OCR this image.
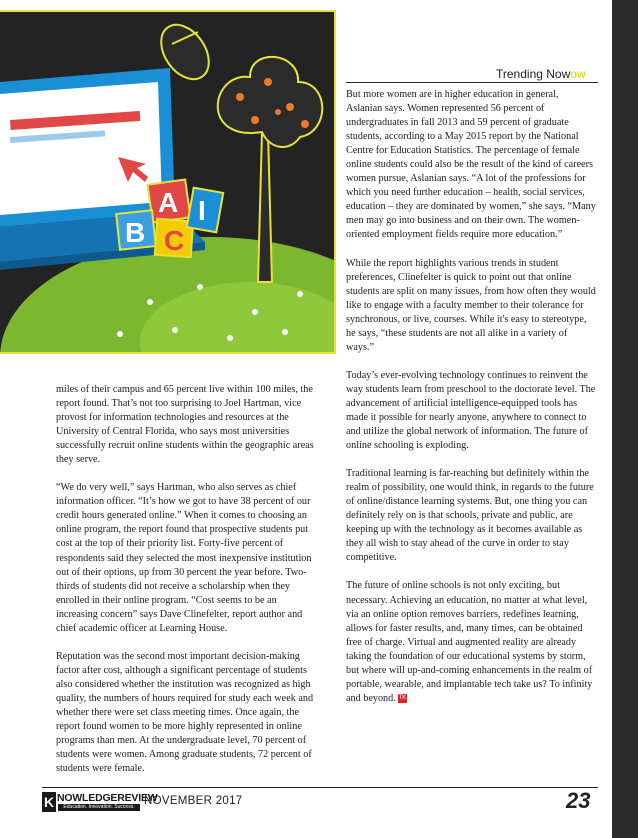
A
B C
I
Trending Nowow

miles of their campus and 65 percent live within 100 miles, the report found. That’s not too surprising to Joel Hartman, vice provost for information technologies and resources at the University of Central Florida, who says most universities successfully recruit online students within the geographic areas they serve.

“We do very well,” says Hartman, who also serves as chief information officer. “It’s how we got to have 38 percent of our credit hours generated online.” When it comes to choosing an online program, the report found that prospective students put cost at the top of their priority list. Forty-five percent of respondents said they selected the most inexpensive institution out of their options, up from 30 percent the year before. Two-thirds of students did not receive a scholarship when they enrolled in their online program. “Cost seems to be an increasing concern” says Dave Clinefelter, report author and chief academic officer at Learning House.

Reputation was the second most important decision-making factor after cost, although a significant percentage of students also considered whether the institution was recognized as high quality, the numbers of hours required for study each week and whether there were set class meeting times. Once again, the report found women to be more highly represented in online programs than men. At the undergraduate level, 70 percent of students were women. Among graduate students, 72 percent of students were female.

But more women are in higher education in general, Aslanian says. Women represented 56 percent of undergraduates in fall 2013 and 59 percent of graduate students, according to a May 2015 report by the National Centre for Education Statistics. The percentage of female online students could also be the result of the kind of careers women pursue, Aslanian says. “A lot of the professions for which you need further education – health, social services, education – they are dominated by women,” she says. “Many men may go into business and on their own. The women-oriented employment fields require more education.”

While the report highlights various trends in student preferences, Clinefelter is quick to point out that online students are split on many issues, from how often they would like to engage with a faculty member to their tolerance for synchronous, or live, courses. While it's easy to stereotype, he says, “these students are not all alike in a variety of ways.”

Today’s ever-evolving technology continues to reinvent the way students learn from preschool to the doctorate level. The advancement of artificial intelligence-equipped tools has made it possible for nearly anyone, anywhere to connect to and utilize the global network of information. The future of online schooling is exploding.

Traditional learning is far-reaching but definitely within the realm of possibility, one would think, in regards to the future of online/distance learning systems. But, one thing you can definitely rely on is that schools, private and public, are keeping up with the technology as it becomes available as they all wish to stay ahead of the curve in order to stay competitive.

The future of online schools is not only exciting, but necessary. Achieving an education, no matter at what level, via an online option removes barriers, redefines learning, allows for faster results, and, many times, can be obtained free of charge. Virtual and augmented reality are already taking the foundation of our educational systems by storm, but where will up-and-coming enhancements in the realm of portable, wearable, and implantable tech take us? To infinity and beyond. TK

K NOWLEDGEREVIEW
Education. Innovation. Success. NOVEMBER 2017	23
